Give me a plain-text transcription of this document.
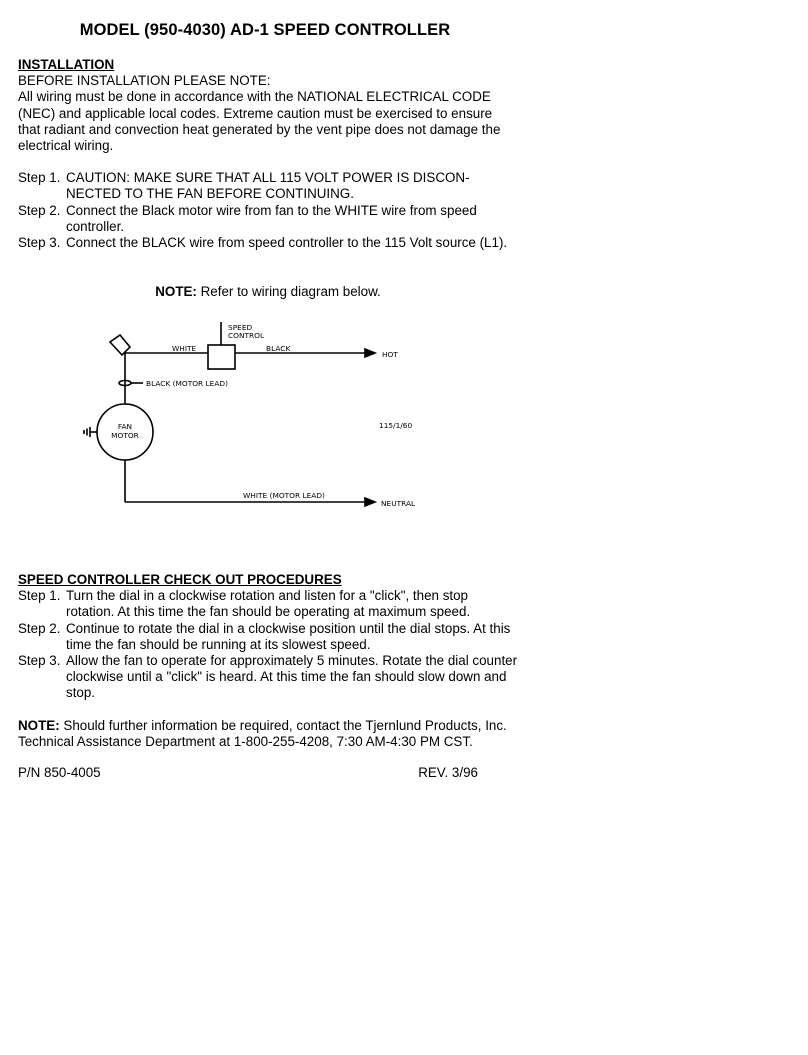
MODEL (950-4030) AD-1 SPEED CONTROLLER
INSTALLATION
BEFORE INSTALLATION PLEASE NOTE:

All wiring must be done in accordance with the NATIONAL ELECTRICAL CODE (NEC) and applicable local codes. Extreme caution must be exercised to ensure that radiant and convection heat generated by the vent pipe does not damage the electrical wiring.

Step 1. CAUTION: MAKE SURE THAT ALL 115 VOLT POWER IS DISCON-NECTED TO THE FAN BEFORE CONTINUING.
Step 2. Connect the Black motor wire from fan to the WHITE wire from speed controller.
Step 3. Connect the BLACK wire from speed controller to the 115 Volt source (L1).
NOTE: Refer to wiring diagram below.
SPEED
CONTROL
WHITE	BLACK
HOT
BLACK (MOTOR LEAD)
FAN
MOTOR
115/1/60
WHITE (MOTOR LEAD)
NEUTRAL
SPEED CONTROLLER CHECK OUT PROCEDURES
Step 1. Turn the dial in a clockwise rotation and listen for a "click", then stop rotation. At this time the fan should be operating at maximum speed.
Step 2. Continue to rotate the dial in a clockwise position until the dial stops. At this time the fan should be running at its slowest speed.
Step 3. Allow the fan to operate for approximately 5 minutes. Rotate the dial counter clockwise until a "click" is heard. At this time the fan should slow down and stop.

NOTE: Should further information be required, contact the Tjernlund Products, Inc. Technical Assistance Department at 1-800-255-4208, 7:30 AM-4:30 PM CST.

P/N 850-4005	REV. 3/96
